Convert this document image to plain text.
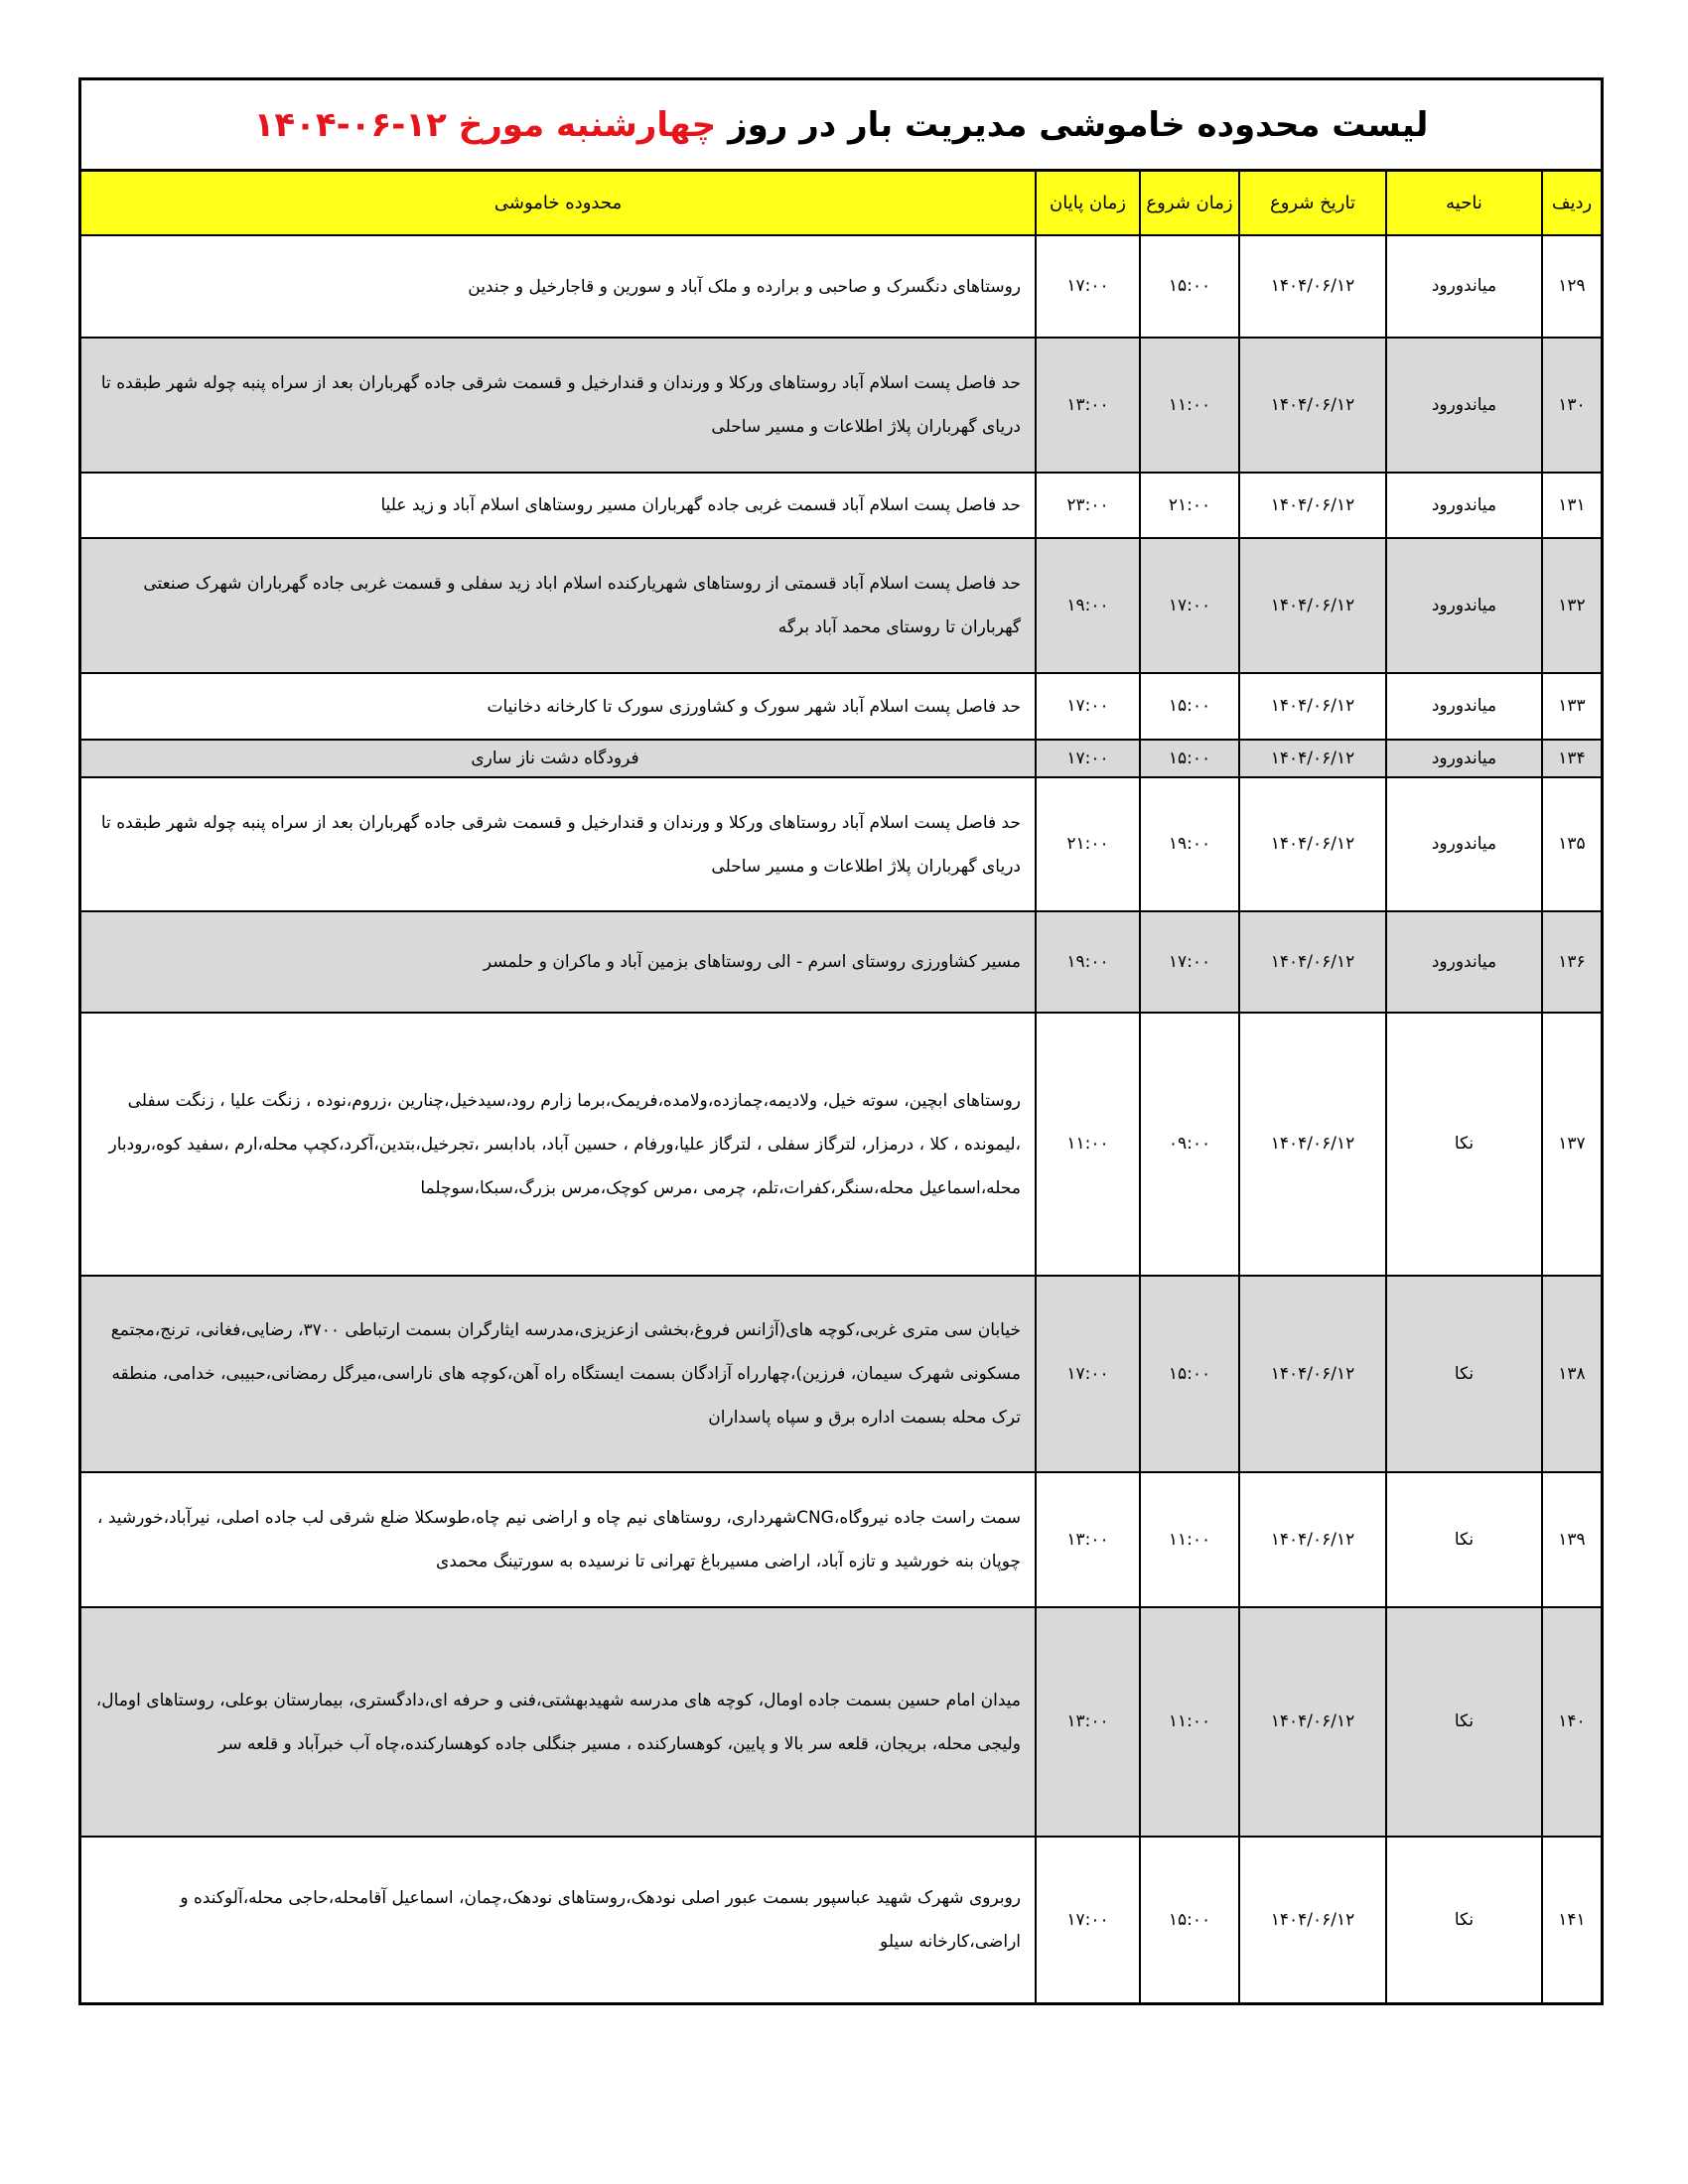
لیست محدوده خاموشی مدیریت بار در روز
چهارشنبه مورخ ۱۲-۰۶-۱۴۰۴
ردیف	ناحیه	تاریخ شروع	زمان شروع	زمان پایان	محدوده خاموشی
۱۲۹	میاندورود	۱۴۰۴/۰۶/۱۲	۱۵:۰۰	۱۷:۰۰	روستاهای دنگسرک و صاحبی و برارده و ملک آباد و سورین و قاجارخیل و جندین
۱۳۰	میاندورود	۱۴۰۴/۰۶/۱۲	۱۱:۰۰	۱۳:۰۰	حد فاصل پست اسلام آباد روستاهای ورکلا و ورندان و قندارخیل و قسمت شرقی جاده گهرباران بعد از سراه پنبه چوله شهر طبقده تا دریای گهرباران پلاژ اطلاعات و مسیر ساحلی
۱۳۱	میاندورود	۱۴۰۴/۰۶/۱۲	۲۱:۰۰	۲۳:۰۰	حد فاصل پست اسلام آباد قسمت غربی جاده گهرباران مسیر روستاهای اسلام آباد و زید علیا
۱۳۲	میاندورود	۱۴۰۴/۰۶/۱۲	۱۷:۰۰	۱۹:۰۰	حد فاصل پست اسلام آباد قسمتی از روستاهای شهریارکنده اسلام اباد زید سفلی و قسمت غربی جاده گهرباران شهرک صنعتی گهرباران تا روستای محمد آباد برگه
۱۳۳	میاندورود	۱۴۰۴/۰۶/۱۲	۱۵:۰۰	۱۷:۰۰	حد فاصل پست اسلام آباد شهر سورک و کشاورزی سورک تا کارخانه دخانیات
۱۳۴	میاندورود	۱۴۰۴/۰۶/۱۲	۱۵:۰۰	۱۷:۰۰	فرودگاه دشت ناز ساری
۱۳۵	میاندورود	۱۴۰۴/۰۶/۱۲	۱۹:۰۰	۲۱:۰۰	حد فاصل پست اسلام آباد روستاهای ورکلا و ورندان و قندارخیل و قسمت شرقی جاده گهرباران بعد از سراه پنبه چوله شهر طبقده تا دریای گهرباران پلاژ اطلاعات و مسیر ساحلی
۱۳۶	میاندورود	۱۴۰۴/۰۶/۱۲	۱۷:۰۰	۱۹:۰۰	مسیر کشاورزی روستای اسرم - الی روستاهای بزمین آباد و ماکران و حلمسر
۱۳۷	نکا	۱۴۰۴/۰۶/۱۲	۰۹:۰۰	۱۱:۰۰	روستاهای ابچین، سوته خیل، ولادیمه،چمازده،ولامده،فریمک،برما زارم رود،سیدخیل،چنارین ،زروم،نوده ، زنگت علیا ، زنگت سفلی ،لیمونده ، کلا ، درمزار، لترگاز سفلی ، لترگاز علیا،ورفام ، حسین آباد، بادابسر ،تجرخیل،بتدین،آکرد،کچپ محله،ارم ،سفید کوه،رودبار محله،اسماعیل محله،سنگر،کفرات،تلم، چرمی ،مرس کوچک،مرس بزرگ،سبکا،سوچلما
۱۳۸	نکا	۱۴۰۴/۰۶/۱۲	۱۵:۰۰	۱۷:۰۰	خیابان سی متری غربی،کوچه های(آژانس فروغ،بخشی ازعزیزی،مدرسه ایثارگران بسمت ارتباطی ۳۷۰۰، رضایی،فغانی، ترنج،مجتمع مسکونی شهرک سیمان، فرزین)،چهارراه آزادگان بسمت ایستگاه راه آهن،کوچه های ناراسی،میرگل رمضانی،حبیبی، خدامی، منطقه ترک محله بسمت اداره برق و سپاه پاسداران
۱۳۹	نکا	۱۴۰۴/۰۶/۱۲	۱۱:۰۰	۱۳:۰۰	سمت راست جاده نیروگاه،CNGشهرداری، روستاهای نیم چاه و اراضی نیم چاه،طوسکلا ضلع شرقی لب جاده اصلی، نیرآباد،خورشید ، چوپان بنه خورشید و تازه آباد، اراضی مسیرباغ تهرانی تا نرسیده به سورتینگ محمدی
۱۴۰	نکا	۱۴۰۴/۰۶/۱۲	۱۱:۰۰	۱۳:۰۰	میدان امام حسین بسمت جاده اومال، کوچه های مدرسه شهیدبهشتی،فنی و حرفه ای،دادگستری، بیمارستان بوعلی، روستاهای اومال، ولیجی محله، بریجان، قلعه سر بالا و پایین، کوهسارکنده ، مسیر جنگلی جاده کوهسارکنده،چاه آب خبرآباد و قلعه سر
۱۴۱	نکا	۱۴۰۴/۰۶/۱۲	۱۵:۰۰	۱۷:۰۰	روبروی شهرک شهید عباسپور بسمت عبور اصلی نودهک،روستاهای نودهک،چمان، اسماعیل آقامحله،حاجی محله،آلوکنده و اراضی،کارخانه سیلو
